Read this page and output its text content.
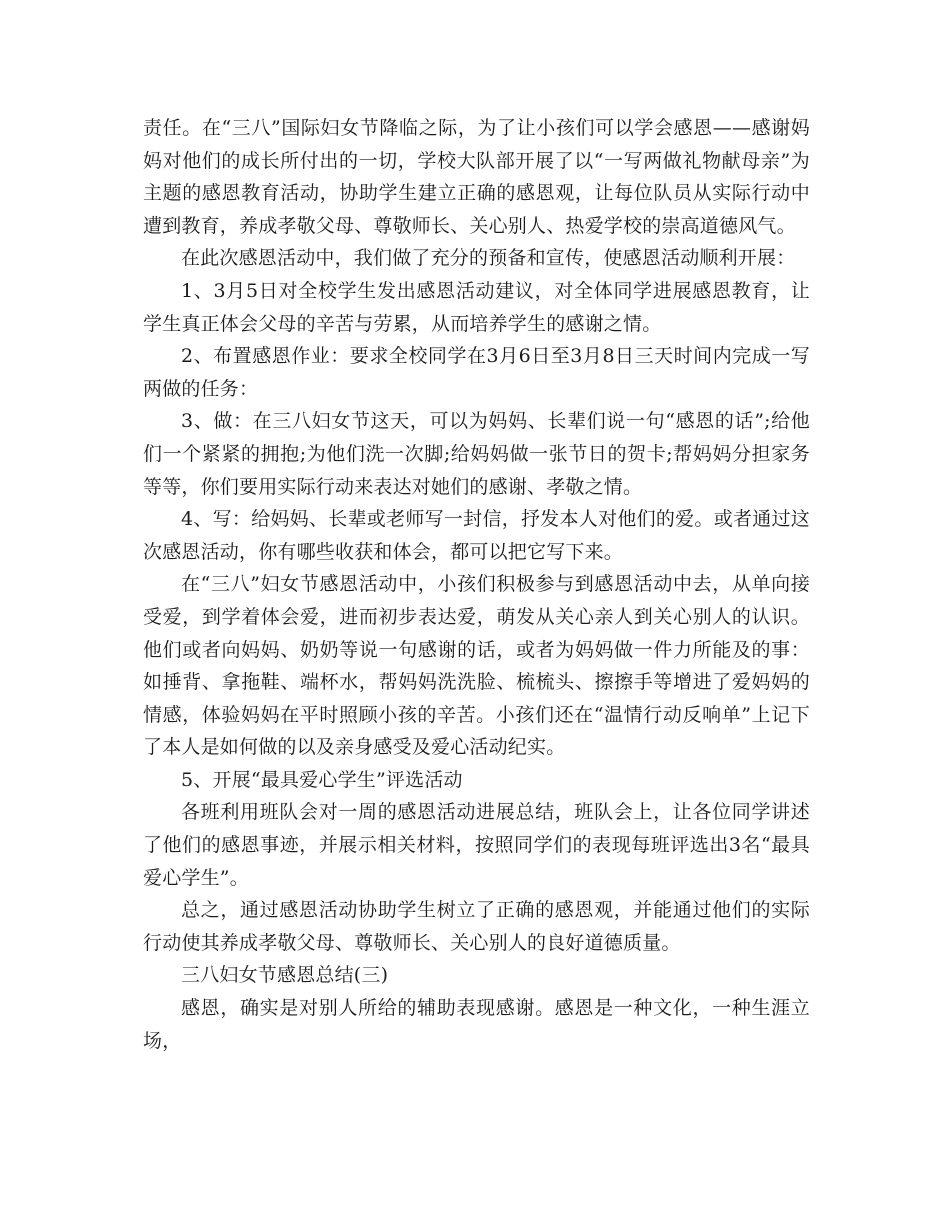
责任。在“三八”国际妇女节降临之际，为了让小孩们可以学会感恩——感谢妈妈对他们的成长所付出的一切，学校大队部开展了以“一写两做礼物献母亲”为主题的感恩教育活动，协助学生建立正确的感恩观，让每位队员从实际行动中遭到教育，养成孝敬父母、尊敬师长、关心别人、热爱学校的崇高道德风气。

在此次感恩活动中，我们做了充分的预备和宣传，使感恩活动顺利开展：

1、3月5日对全校学生发出感恩活动建议，对全体同学进展感恩教育，让学生真正体会父母的辛苦与劳累，从而培养学生的感谢之情。

2、布置感恩作业：要求全校同学在3月6日至3月8日三天时间内完成一写两做的任务：

3、做：在三八妇女节这天，可以为妈妈、长辈们说一句“感恩的话”;给他们一个紧紧的拥抱;为他们洗一次脚;给妈妈做一张节日的贺卡;帮妈妈分担家务等等，你们要用实际行动来表达对她们的感谢、孝敬之情。

4、写：给妈妈、长辈或老师写一封信，抒发本人对他们的爱。或者通过这次感恩活动，你有哪些收获和体会，都可以把它写下来。

在“三八”妇女节感恩活动中，小孩们积极参与到感恩活动中去，从单向接受爱，到学着体会爱，进而初步表达爱，萌发从关心亲人到关心别人的认识。他们或者向妈妈、奶奶等说一句感谢的话，或者为妈妈做一件力所能及的事：如捶背、拿拖鞋、端杯水，帮妈妈洗洗脸、梳梳头、擦擦手等增进了爱妈妈的情感，体验妈妈在平时照顾小孩的辛苦。小孩们还在“温情行动反响单”上记下了本人是如何做的以及亲身感受及爱心活动纪实。

5、开展“最具爱心学生”评选活动

各班利用班队会对一周的感恩活动进展总结，班队会上，让各位同学讲述了他们的感恩事迹，并展示相关材料，按照同学们的表现每班评选出3名“最具爱心学生”。

总之，通过感恩活动协助学生树立了正确的感恩观，并能通过他们的实际行动使其养成孝敬父母、尊敬师长、关心别人的良好道德质量。

三八妇女节感恩总结(三)

感恩，确实是对别人所给的辅助表现感谢。感恩是一种文化，一种生涯立场，
